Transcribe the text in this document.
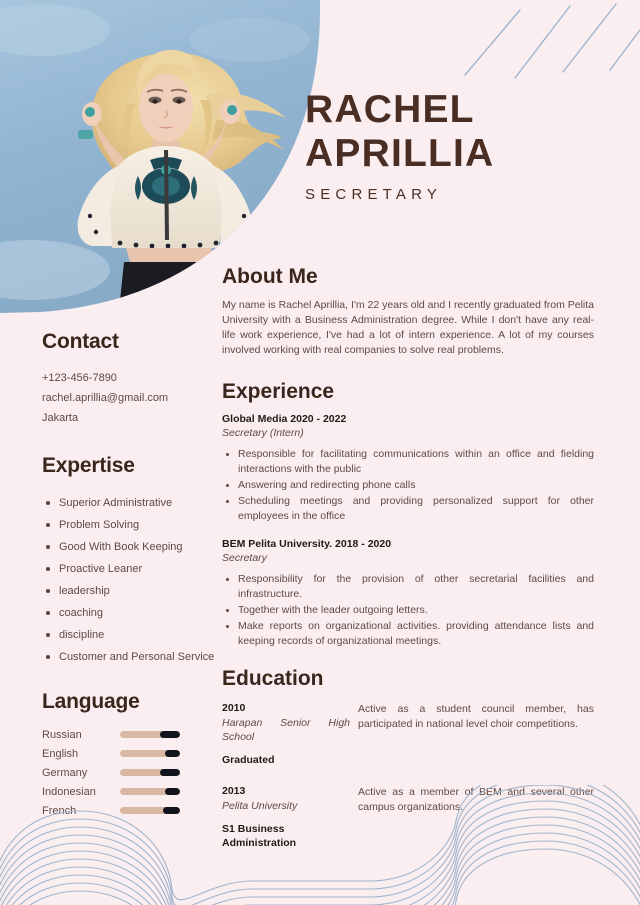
RACHEL

APRILLIA

SECRETARY

Contact
+123-456-7890
rachel.aprillia@gmail.com
Jakarta
Expertise
Superior Administrative
Problem Solving
Good With Book Keeping
Proactive Leaner
leadership
coaching
discipline
Customer and Personal Service
Language
Russian
English
Germany
Indonesian
French
About Me

My name is Rachel Aprillia, I'm 22 years old and I recently graduated from Pelita University with a Business Administration degree. While I don't have any real-life work experience, I've had a lot of intern experience. A lot of my courses involved working with real companies to solve real problems.

Experience

Global Media 2020 - 2022

Secretary (Intern)

Responsible for facilitating communications within an office and fielding interactions with the public
Answering and redirecting phone calls
Scheduling meetings and providing personalized support for other employees in the office

BEM Pelita University. 2018 - 2020

Secretary

Responsibility for the provision of other secretarial facilities and infrastructure.
Together with the leader outgoing letters.
Make reports on organizational activities. providing attendance lists and keeping records of organizational meetings.
Education

2010

Harapan Senior High School

Graduated

Active as a student council member, has participated in national level choir competitions.

2013

Pelita University

S1 Business Administration

Active as a member of BEM and several other campus organizations.
